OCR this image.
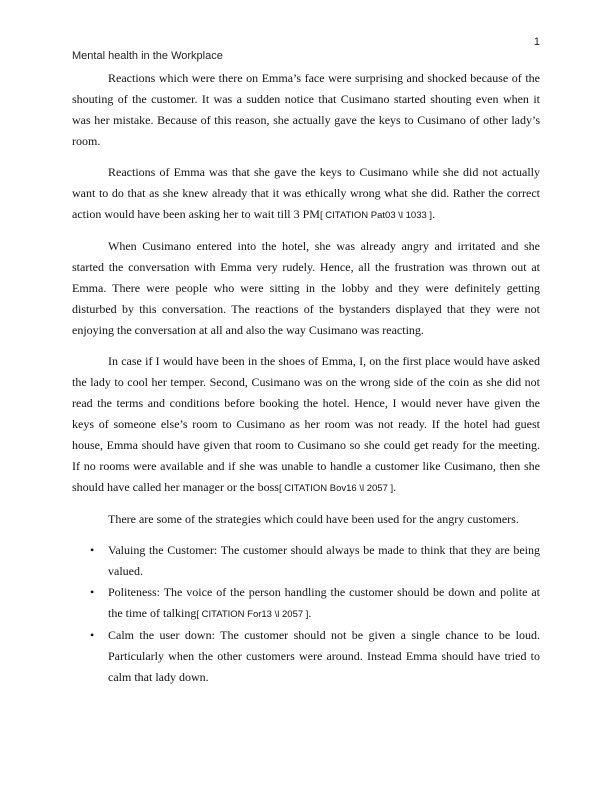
1
Mental health in the Workplace

Reactions which were there on Emma’s face were surprising and shocked because of the shouting of the customer. It was a sudden notice that Cusimano started shouting even when it was her mistake. Because of this reason, she actually gave the keys to Cusimano of other lady’s room.

Reactions of Emma was that she gave the keys to Cusimano while she did not actually want to do that as she knew already that it was ethically wrong what she did. Rather the correct action would have been asking her to wait till 3 PM[ CITATION Pat03 \l 1033 ].

When Cusimano entered into the hotel, she was already angry and irritated and she started the conversation with Emma very rudely. Hence, all the frustration was thrown out at Emma. There were people who were sitting in the lobby and they were definitely getting disturbed by this conversation. The reactions of the bystanders displayed that they were not enjoying the conversation at all and also the way Cusimano was reacting.

In case if I would have been in the shoes of Emma, I, on the first place would have asked the lady to cool her temper. Second, Cusimano was on the wrong side of the coin as she did not read the terms and conditions before booking the hotel. Hence, I would never have given the keys of someone else’s room to Cusimano as her room was not ready. If the hotel had guest house, Emma should have given that room to Cusimano so she could get ready for the meeting. If no rooms were available and if she was unable to handle a customer like Cusimano, then she should have called her manager or the boss[ CITATION Bov16 \l 2057 ].

There are some of the strategies which could have been used for the angry customers.

• Valuing the Customer: The customer should always be made to think that they are being valued.
• Politeness: The voice of the person handling the customer should be down and polite at the time of talking[ CITATION For13 \l 2057 ].
• Calm the user down: The customer should not be given a single chance to be loud. Particularly when the other customers were around. Instead Emma should have tried to calm that lady down.
